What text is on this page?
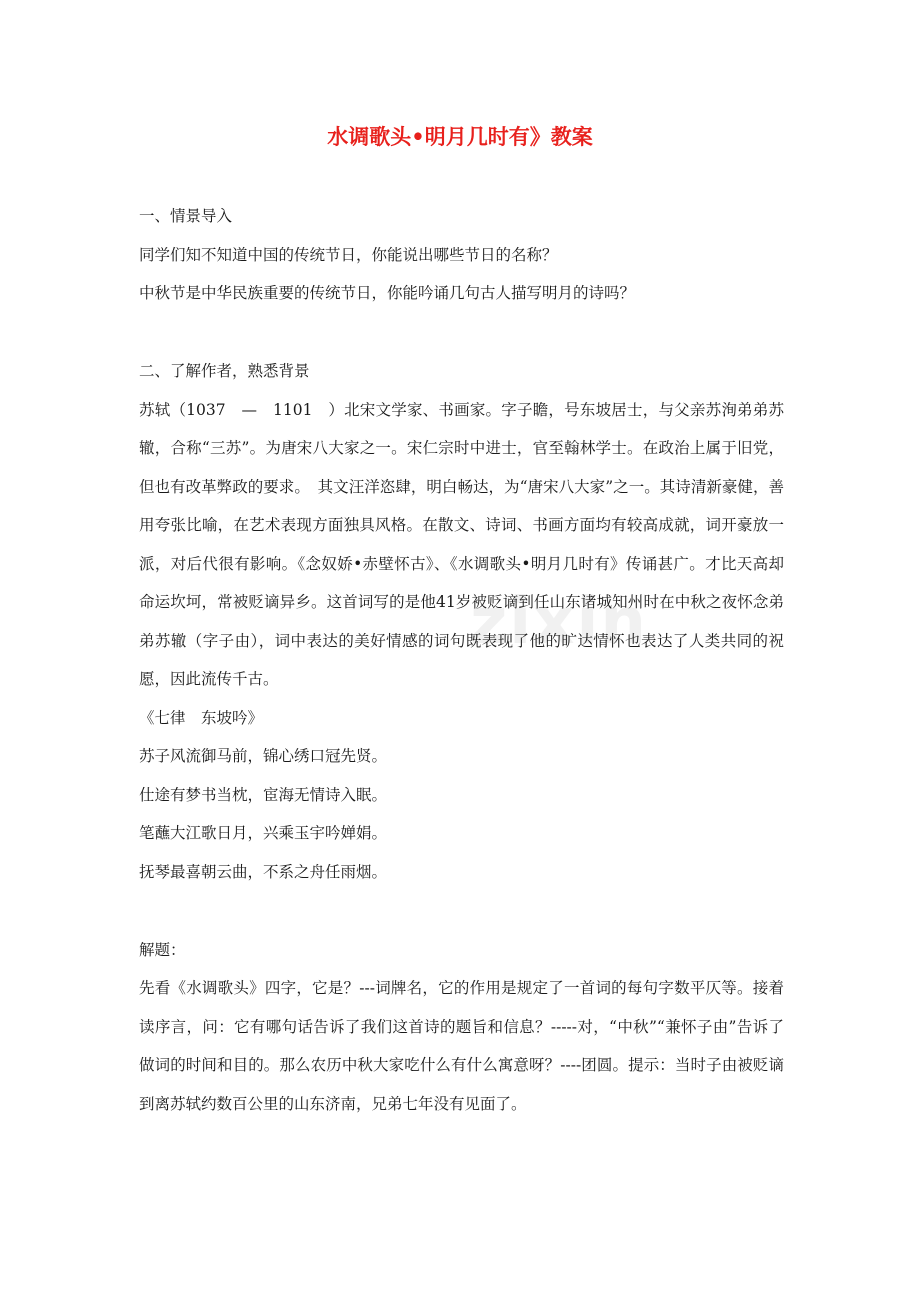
水调歌头•明月几时有》教案
zixin

一、情景导入

同学们知不知道中国的传统节日，你能说出哪些节日的名称？

中秋节是中华民族重要的传统节日，你能吟诵几句古人描写明月的诗吗？

二、了解作者，熟悉背景

苏轼（1037　—　1101　）北宋文学家、书画家。字子瞻，号东坡居士，与父亲苏洵弟弟苏辙，合称“三苏”。为唐宋八大家之一。宋仁宗时中进士，官至翰林学士。在政治上属于旧党，但也有改革弊政的要求。　其文汪洋恣肆，明白畅达，为“唐宋八大家”之一。其诗清新豪健，善用夸张比喻，在艺术表现方面独具风格。在散文、诗词、书画方面均有较高成就，词开豪放一派，对后代很有影响。《念奴娇•赤壁怀古》、《水调歌头•明月几时有》传诵甚广。才比天高却命运坎坷，常被贬谪异乡。这首词写的是他41岁被贬谪到任山东诸城知州时在中秋之夜怀念弟弟苏辙（字子由），词中表达的美好情感的词句既表现了他的旷达情怀也表达了人类共同的祝愿，因此流传千古。

《七律　东坡吟》

苏子风流御马前，锦心绣口冠先贤。

仕途有梦书当枕，宦海无情诗入眠。

笔蘸大江歌日月，兴乘玉宇吟婵娟。

抚琴最喜朝云曲，不系之舟任雨烟。

解题：

先看《水调歌头》四字，它是？---词牌名，它的作用是规定了一首词的每句字数平仄等。接着读序言，问：它有哪句话告诉了我们这首诗的题旨和信息？-----对，“中秋”“兼怀子由”告诉了做词的时间和目的。那么农历中秋大家吃什么有什么寓意呀？----团圆。提示：当时子由被贬谪到离苏轼约数百公里的山东济南，兄弟七年没有见面了。
